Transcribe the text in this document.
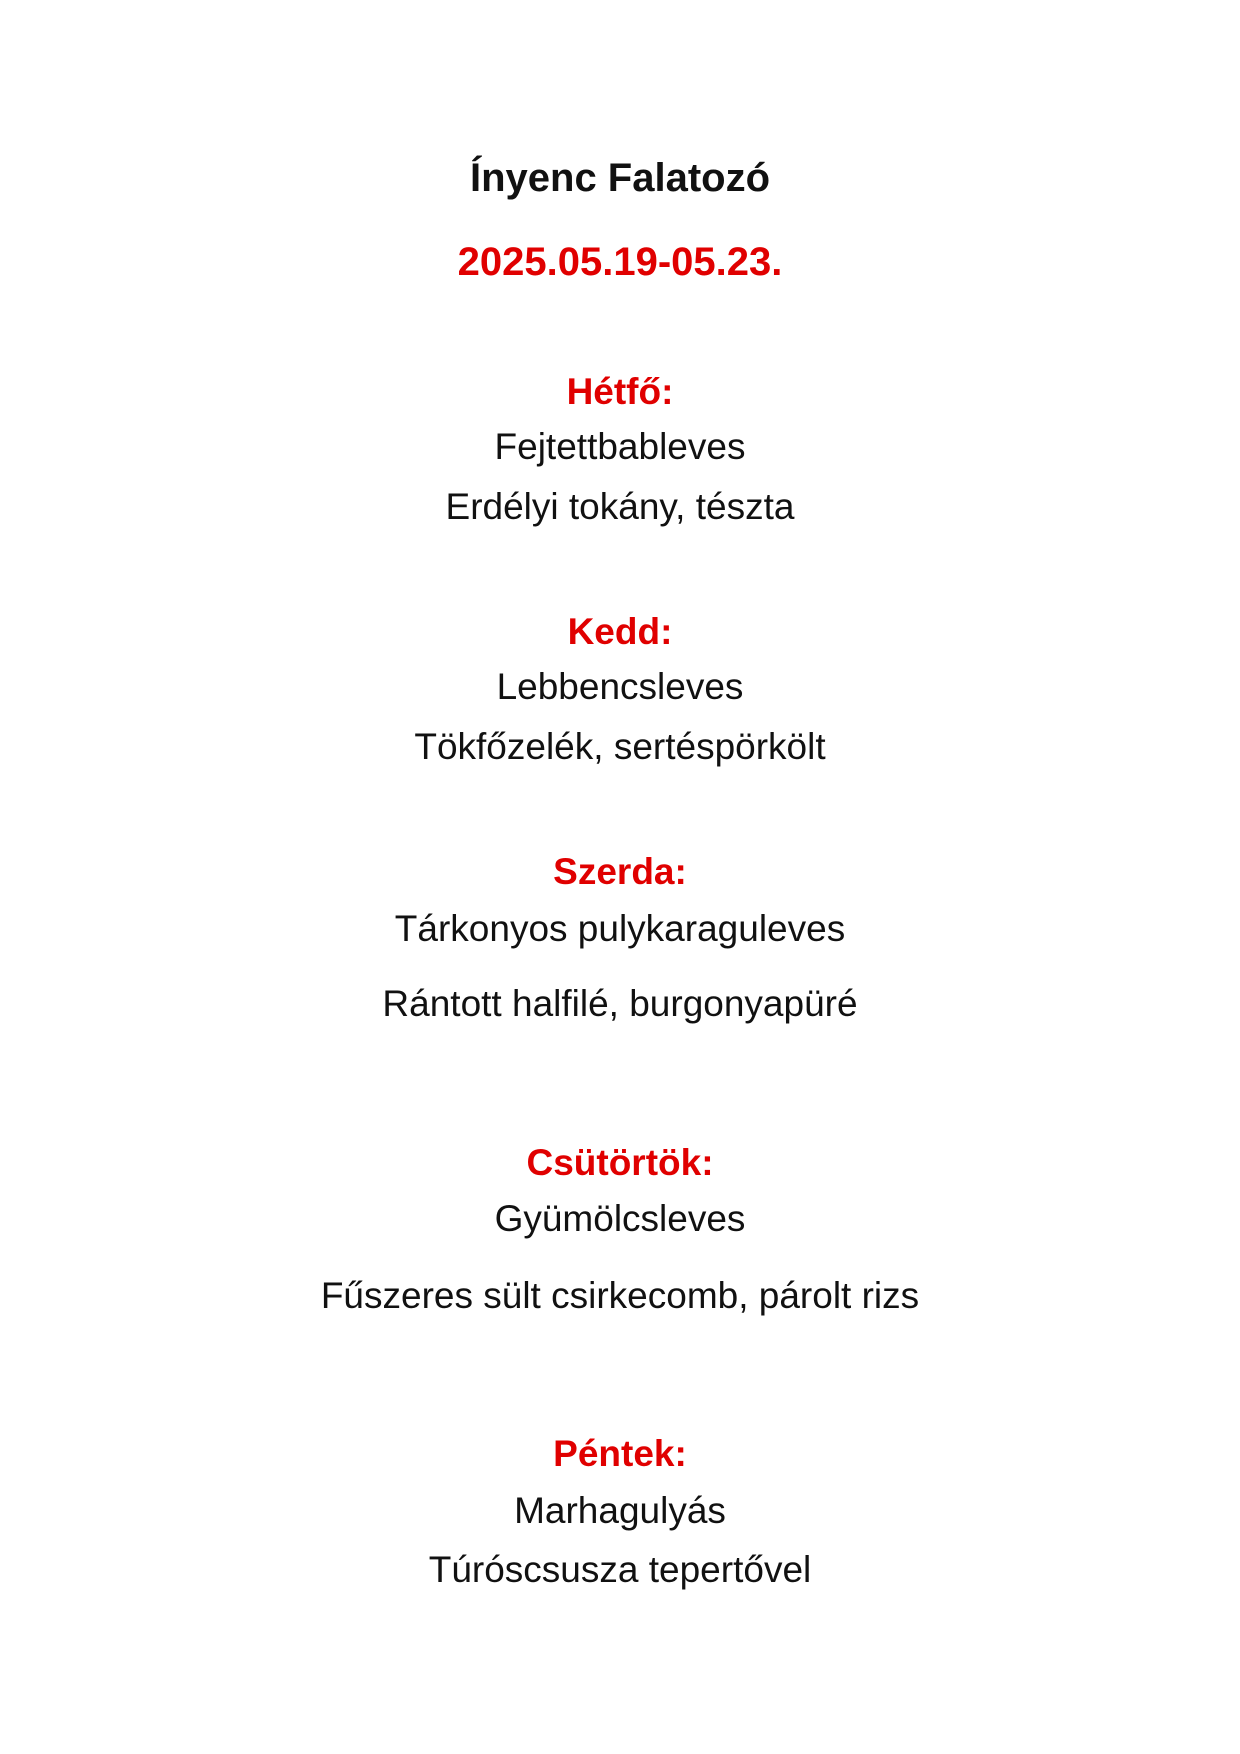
Ínyenc Falatozó
2025.05.19-05.23.
Hétfő:
Fejtettbableves
Erdélyi tokány, tészta
Kedd:
Lebbencsleves
Tökfőzelék, sertéspörkölt
Szerda:
Tárkonyos pulykaraguleves
Rántott halfilé, burgonyapüré
Csütörtök:
Gyümölcsleves
Fűszeres sült csirkecomb, párolt rizs
Péntek:
Marhagulyás
Túróscsusza tepertővel
